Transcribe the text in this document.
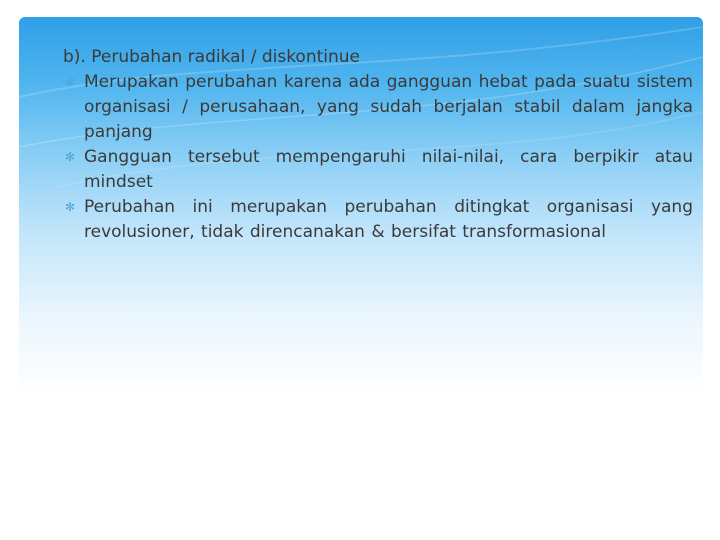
b). Perubahan radikal / diskontinue
✻ Merupakan perubahan karena ada gangguan hebat pada suatu sistem organisasi / perusahaan, yang sudah berjalan stabil dalam jangka panjang
✻ Gangguan tersebut mempengaruhi nilai-nilai, cara berpikir atau mindset
✻ Perubahan ini merupakan perubahan ditingkat organisasi yang revolusioner, tidak direncanakan & bersifat transformasional
